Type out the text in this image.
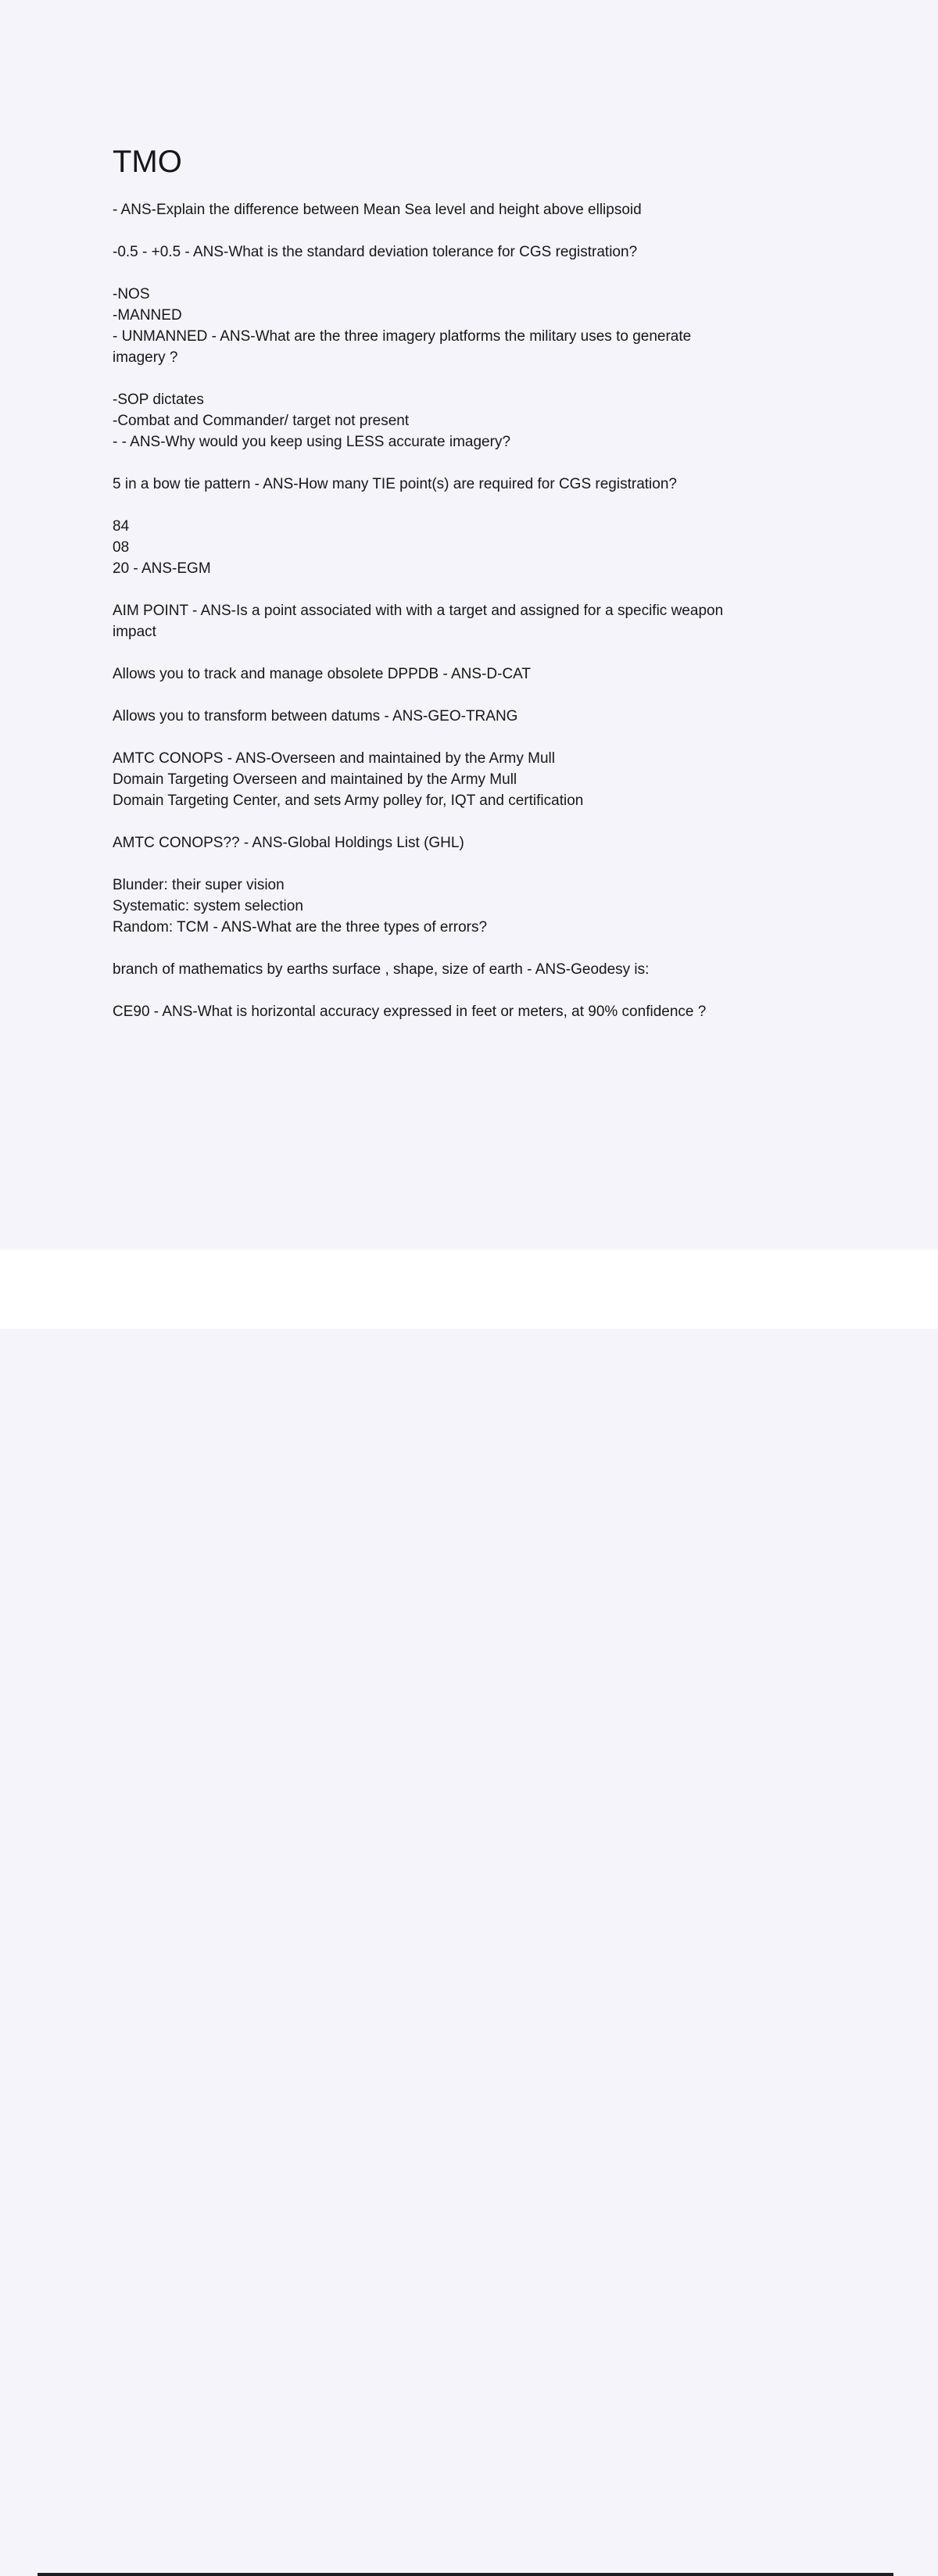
TMO
- ANS-Explain the difference between Mean Sea level and height above ellipsoid
-0.5 - +0.5 - ANS-What is the standard deviation tolerance for CGS registration?
-NOS
-MANNED
- UNMANNED - ANS-What are the three imagery platforms the military uses to generate
imagery ?
-SOP dictates
-Combat and Commander/ target not present
- - ANS-Why would you keep using LESS accurate imagery?
5 in a bow tie pattern - ANS-How many TIE point(s) are required for CGS registration?
84
08
20 - ANS-EGM
AIM POINT - ANS-Is a point associated with with a target and assigned for a specific weapon
impact
Allows you to track and manage obsolete DPPDB - ANS-D-CAT
Allows you to transform between datums - ANS-GEO-TRANG
AMTC CONOPS - ANS-Overseen and maintained by the Army Mull
Domain Targeting Overseen and maintained by the Army Mull
Domain Targeting Center, and sets Army polley for, IQT and certification
AMTC CONOPS?? - ANS-Global Holdings List (GHL)
Blunder: their super vision
Systematic: system selection
Random: TCM - ANS-What are the three types of errors?
branch of mathematics by earths surface , shape, size of earth - ANS-Geodesy is:
CE90 - ANS-What is horizontal accuracy expressed in feet or meters, at 90% confidence ?
